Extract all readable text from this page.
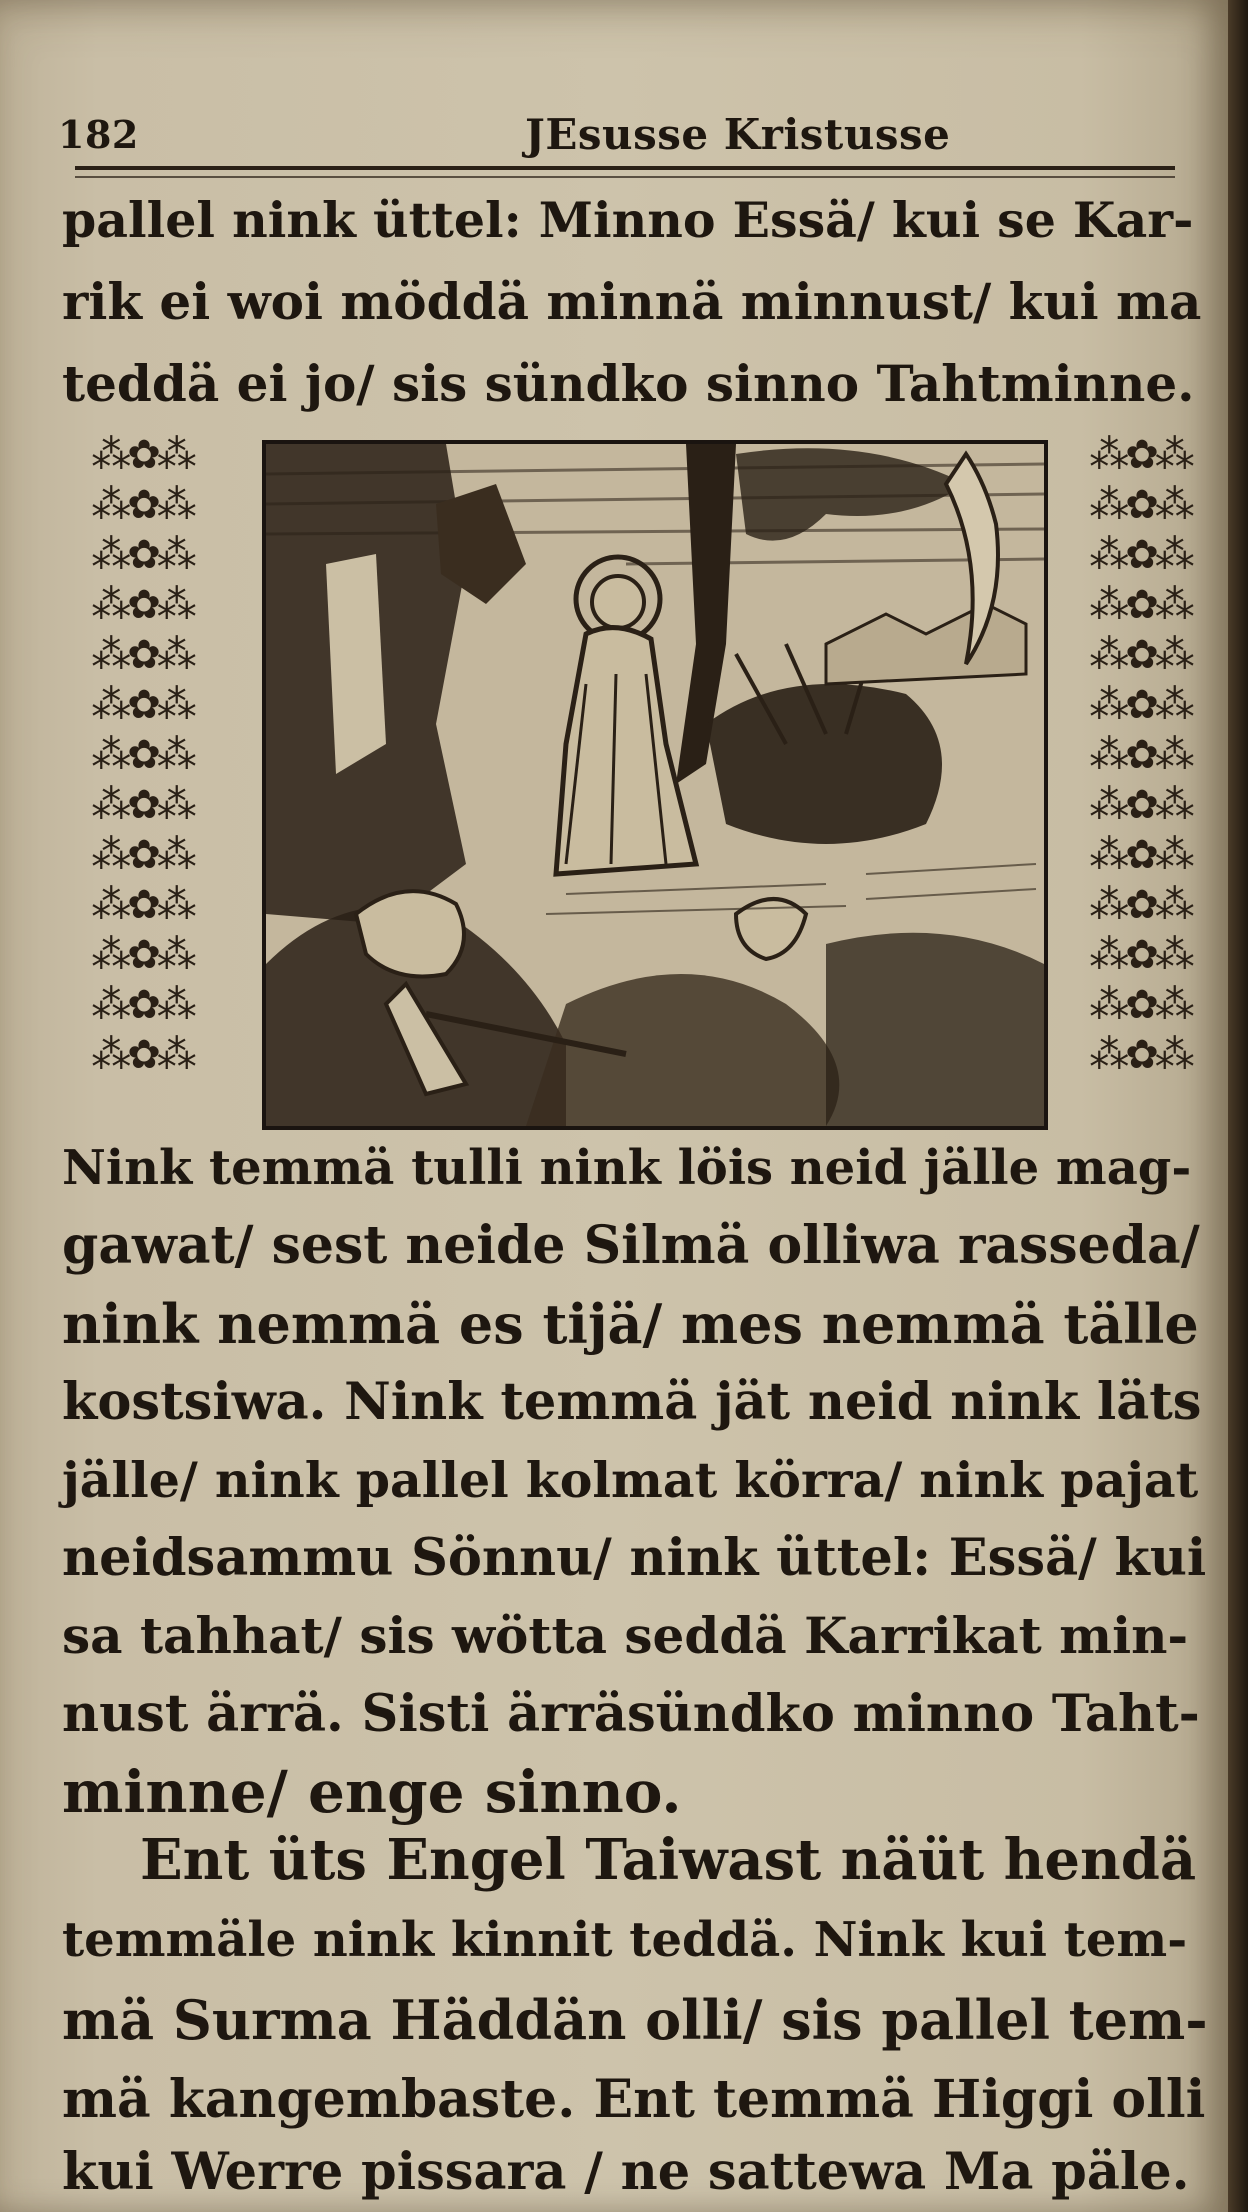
182	JEsusse Kristusse
pallel nink üttel: Minno Essä/ kui se Kar-
rik ei woi möddä minnä minnust/ kui ma
teddä ei jo/ sis sündko sinno Tahtminne.
⁂✿⁂
⁂✿⁂
⁂✿⁂
⁂✿⁂
⁂✿⁂
⁂✿⁂
⁂✿⁂
⁂✿⁂
⁂✿⁂
⁂✿⁂
⁂✿⁂
⁂✿⁂
⁂✿⁂
⁂✿⁂
⁂✿⁂
⁂✿⁂
⁂✿⁂
⁂✿⁂
⁂✿⁂
⁂✿⁂
⁂✿⁂
⁂✿⁂
⁂✿⁂
⁂✿⁂
⁂✿⁂
⁂✿⁂
Nink temmä tulli nink löis neid jälle mag-
gawat/ sest neide Silmä olliwa rasseda/
nink nemmä es tijä/ mes nemmä tälle
kostsiwa. Nink temmä jät neid nink läts
jälle/ nink pallel kolmat körra/ nink pajat
neidsammu Sönnu/ nink üttel: Essä/ kui
sa tahhat/ sis wötta seddä Karrikat min-
nust ärrä. Sisti ärräsündko minno Taht-
minne/ enge sinno.
Ent üts Engel Taiwast näüt hendä
temmäle nink kinnit teddä. Nink kui tem-
mä Surma Häddän olli/ sis pallel tem-
mä kangembaste. Ent temmä Higgi olli
kui Werre pissara / ne sattewa Ma päle.
